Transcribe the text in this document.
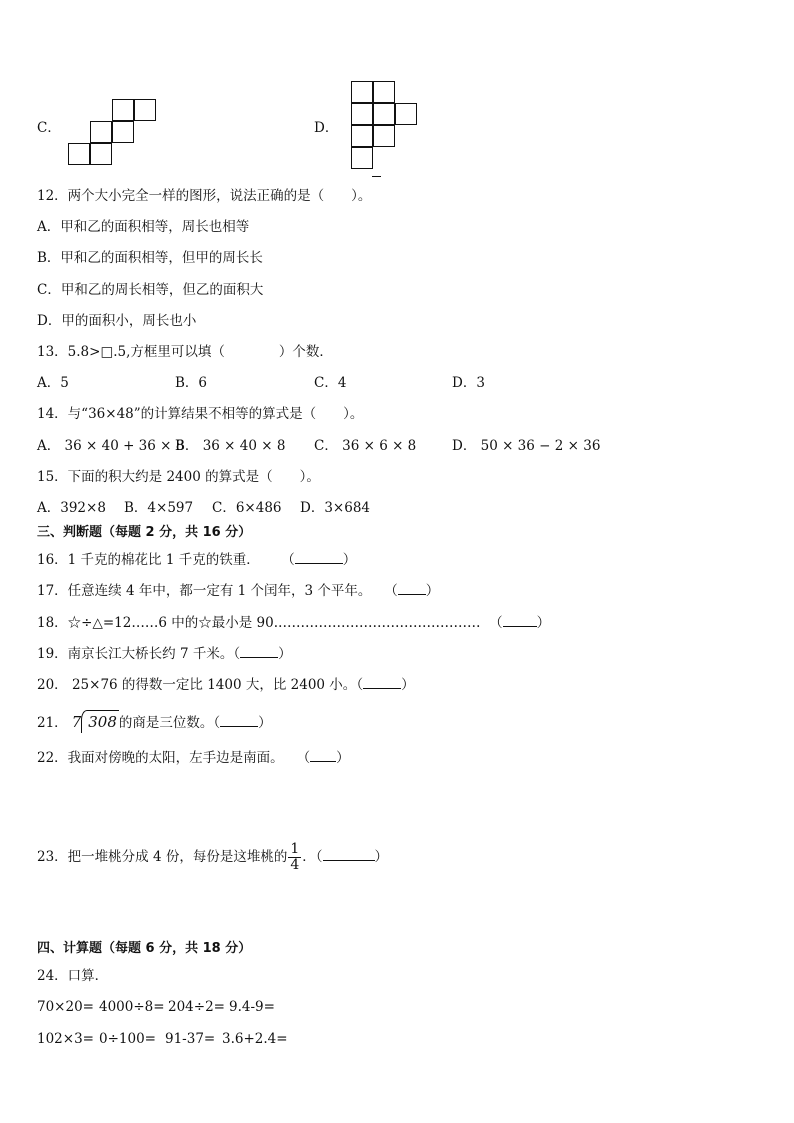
C．	D．
12．两个大小完全一样的图形，说法正确的是（　　）。
A．甲和乙的面积相等，周长也相等
B．甲和乙的面积相等，但甲的周长长
C．甲和乙的周长相等，但乙的面积大
D．甲的面积小，周长也小
13．5.8>□.5,方框里可以填（　　　　）个数．
A．5	B．6	C．4	D．3
14．与“36×48”的计算结果不相等的算式是（　　）。
A． 36 × 40 + 36 × 8
B． 36 × 40 × 8 C． 36 × 6 × 8	D． 50 × 36 − 2 × 36
15．下面的积大约是 2400 的算式是（　　）。
A．392×8 B．4×597 C．6×486 D．3×684
三、判断题（每题 2 分，共 16 分）
16．1 千克的棉花比 1 千克的铁重． （	）
17．任意连续 4 年中，都一定有 1 个闰年，3 个平年。 （ ）
18．☆÷△=12……6 中的☆最小是 90.……………………………………… （	）
19．南京长江大桥长约 7 千米。（	）
20． 25×76 的得数一定比 1400 大，比 2400 小。（	）
21． 7 308 的商是三位数。（	）
22．我面对傍晚的太阳，左手边是南面。 （ ）
23．把一堆桃分成 4 份，每份是这堆桃的 $\frac{1}{4}$ ．（	）
四、计算题（每题 6 分，共 18 分）
24．口算．
70×20= 4000÷8= 204÷2= 9.4-9=
102×3= 0÷100= 91-37= 3.6+2.4=
